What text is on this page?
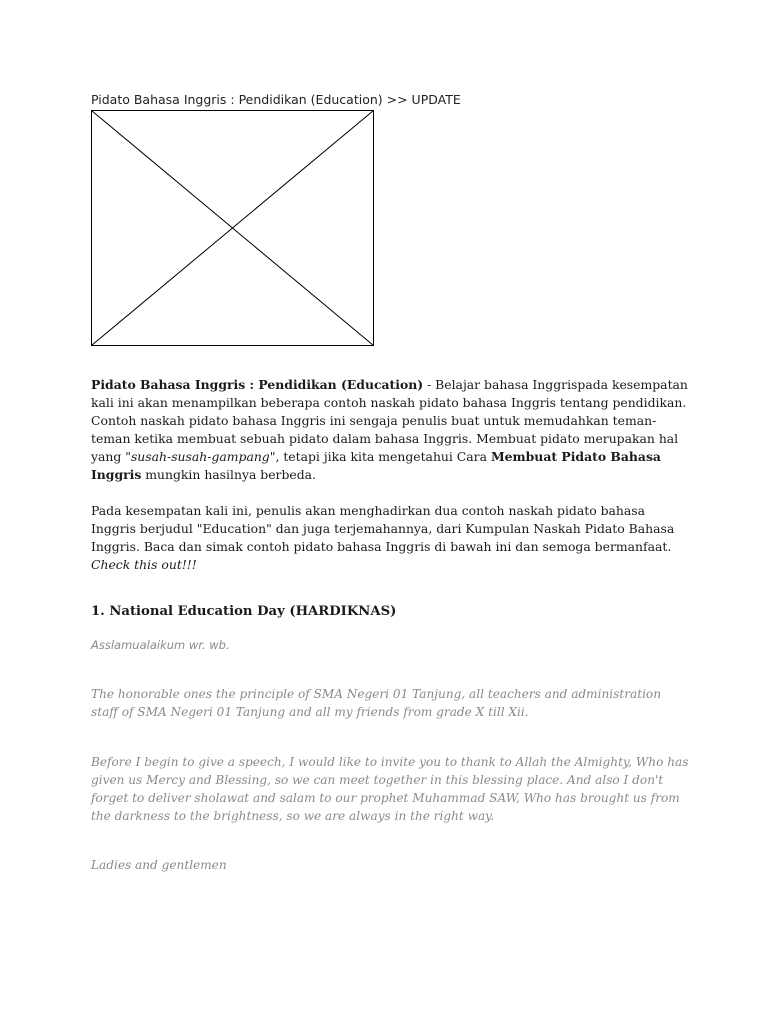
Pidato Bahasa Inggris : Pendidikan (Education) >> UPDATE

Pidato Bahasa Inggris : Pendidikan (Education) - Belajar bahasa Inggrispada kesempatan kali ini akan menampilkan beberapa contoh naskah pidato bahasa Inggris tentang pendidikan. Contoh naskah pidato bahasa Inggris ini sengaja penulis buat untuk memudahkan teman-teman ketika membuat sebuah pidato dalam bahasa Inggris. Membuat pidato merupakan hal yang "susah-susah-gampang", tetapi jika kita mengetahui Cara Membuat Pidato Bahasa Inggris mungkin hasilnya berbeda.

Pada kesempatan kali ini, penulis akan menghadirkan dua contoh naskah pidato bahasa Inggris berjudul "Education" dan juga terjemahannya, dari Kumpulan Naskah Pidato Bahasa Inggris. Baca dan simak contoh pidato bahasa Inggris di bawah ini dan semoga bermanfaat. Check this out!!!

1. National Education Day (HARDIKNAS)

Asslamualaikum wr. wb.

The honorable ones the principle of SMA Negeri 01 Tanjung, all teachers and administration staff of SMA Negeri 01 Tanjung and all my friends from grade X till Xii.

Before I begin to give a speech, I would like to invite you to thank to Allah the Almighty, Who has given us Mercy and Blessing, so we can meet together in this blessing place. And also I don't forget to deliver sholawat and salam to our prophet Muhammad SAW, Who has brought us from the darkness to the brightness, so we are always in the right way.

Ladies and gentlemen
